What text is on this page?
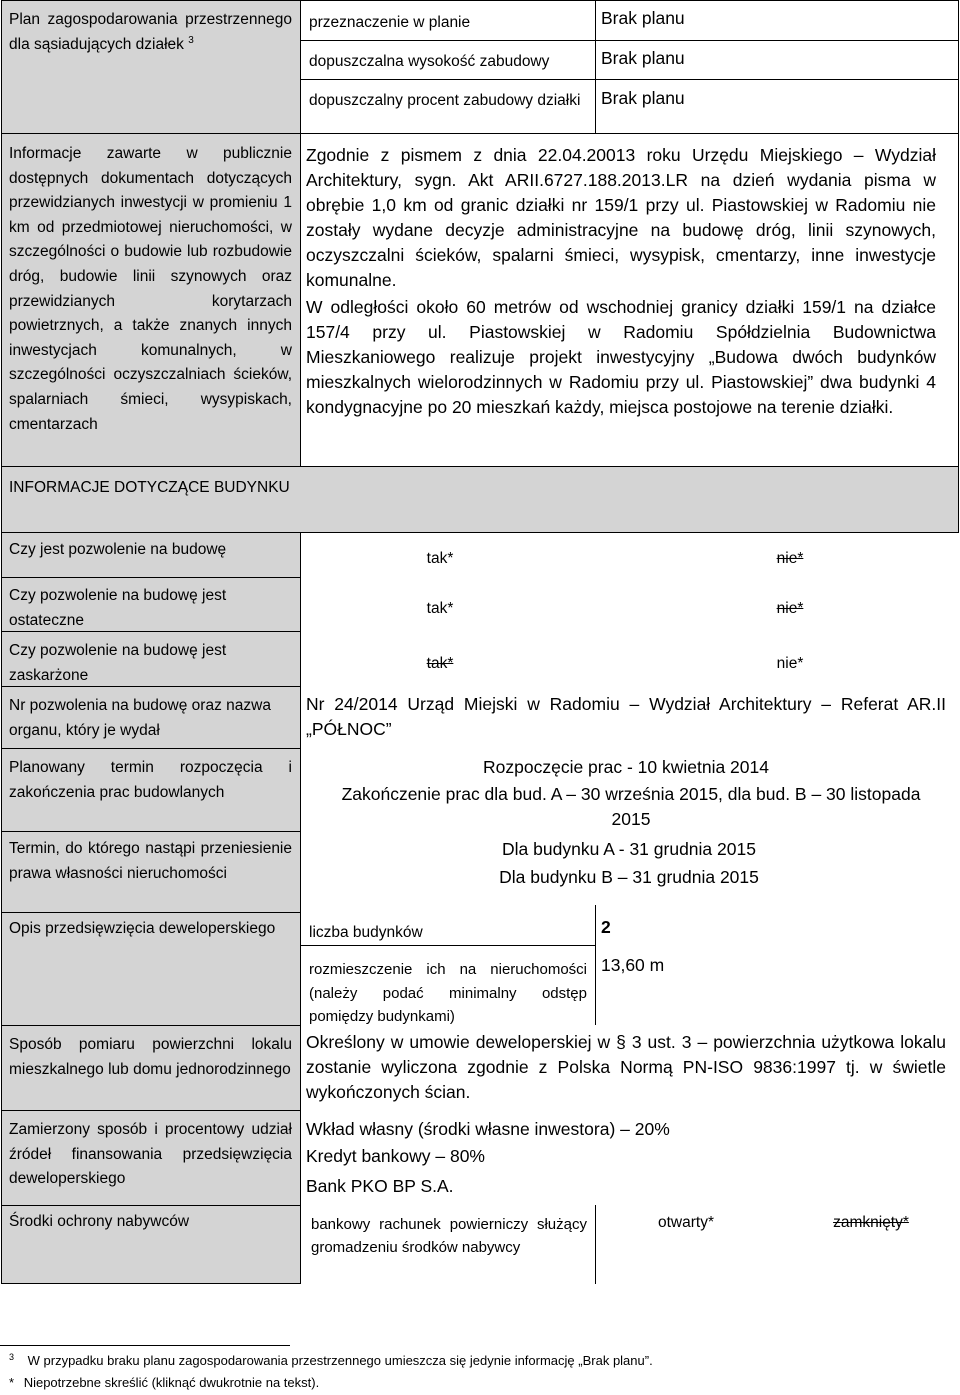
Plan zagospodarowania przestrzennego dla sąsiadujących działek $^3$
przeznaczenie w planie	Brak planu
dopuszczalna wysokość zabudowy	Brak planu
dopuszczalny procent zabudowy działki	Brak planu
Informacje zawarte w publicznie dostępnych dokumentach dotyczących przewidzianych inwestycji w promieniu 1 km od przedmiotowej nieruchomości, w szczególności o budowie lub rozbudowie dróg, budowie linii szynowych oraz przewidzianych korytarzach powietrznych, a także znanych innych inwestycjach komunalnych, w szczególności oczyszczalniach ścieków, spalarniach śmieci, wysypiskach, cmentarzach
Zgodnie z pismem z dnia 22.04.20013 roku Urzędu Miejskiego – Wydział Architektury, sygn. Akt ARII.6727.188.2013.LR na dzień wydania pisma w obrębie 1,0 km od granic działki nr 159/1 przy ul. Piastowskiej w Radomiu nie zostały wydane decyzje administracyjne na budowę dróg, linii szynowych, oczyszczalni ścieków, spalarni śmieci, wysypisk, cmentarzy, inne inwestycje komunalne.
W odległości około 60 metrów od wschodniej granicy działki 159/1 na działce 157/4 przy ul. Piastowskiej w Radomiu Spółdzielnia Budownictwa Mieszkaniowego realizuje projekt inwestycyjny „Budowa dwóch budynków mieszkalnych wielorodzinnych w Radomiu przy ul. Piastowskiej” dwa budynki 4 kondygnacyjne po 20 mieszkań każdy, miejsca postojowe na terenie działki.
INFORMACJE DOTYCZĄCE BUDYNKU
Czy jest pozwolenie na budowę
tak*	nie*
Czy pozwolenie na budowę jest ostateczne
tak*	nie*
Czy pozwolenie na budowę jest zaskarżone
tak*	nie*
Nr pozwolenia na budowę oraz nazwa organu, który je wydał
Nr 24/2014 Urząd Miejski w Radomiu – Wydział Architektury – Referat AR.II „PÓŁNOC”
Planowany termin rozpoczęcia i zakończenia prac budowlanych
Rozpoczęcie prac - 10 kwietnia 2014
Zakończenie prac dla bud. A – 30 września 2015, dla bud. B – 30 listopada 2015
Termin, do którego nastąpi przeniesienie prawa własności nieruchomości
Dla budynku A - 31 grudnia 2015
Dla budynku B – 31 grudnia 2015
Opis przedsięwzięcia deweloperskiego	liczba budynków	2
rozmieszczenie ich na nieruchomości (należy podać minimalny odstęp pomiędzy budynkami)
13,60 m
Sposób pomiaru powierzchni lokalu mieszkalnego lub domu jednorodzinnego
Określony w umowie deweloperskiej w § 3 ust. 3 – powierzchnia użytkowa lokalu zostanie wyliczona zgodnie z Polska Normą PN-ISO 9836:1997 tj. w świetle wykończonych ścian.
Zamierzony sposób i procentowy udział źródeł finansowania przedsięwzięcia deweloperskiego
Wkład własny (środki własne inwestora) – 20%
Kredyt bankowy – 80%
Bank PKO BP S.A.
Środki ochrony nabywców	bankowy rachunek powierniczy służący gromadzeniu środków nabywcy
otwarty*	zamknięty*
$^3$ W przypadku braku planu zagospodarowania przestrzennego umieszcza się jedynie informację „Brak planu”.
* Niepotrzebne skreślić (kliknąć dwukrotnie na tekst).
